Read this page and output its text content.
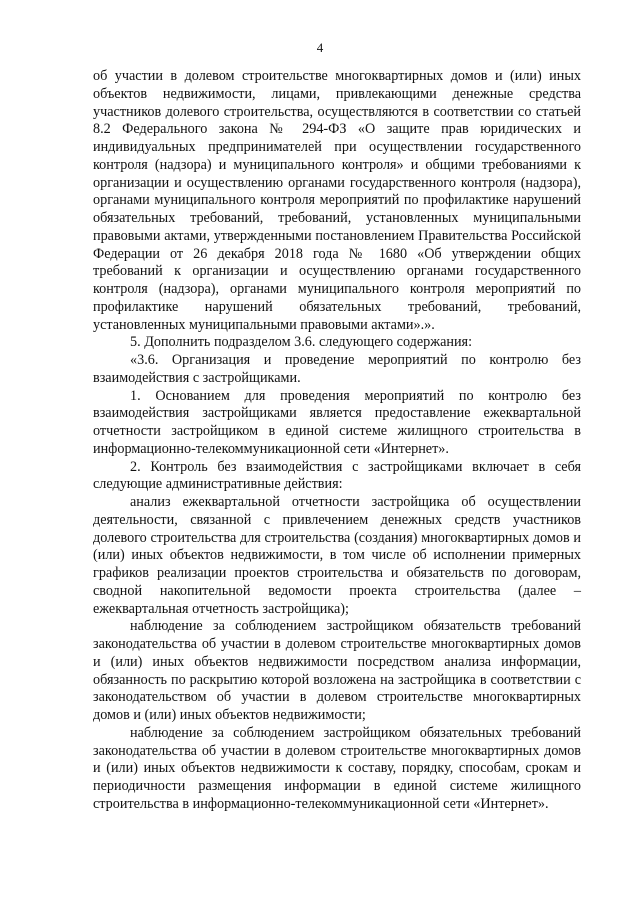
4

об участии в долевом строительстве многоквартирных домов и (или) иных объектов недвижимости, лицами, привлекающими денежные средства участников долевого строительства, осуществляются в соответствии со статьей 8.2 Федерального закона № 294-ФЗ «О защите прав юридических и индивидуальных предпринимателей при осуществлении государственного контроля (надзора) и муниципального контроля» и общими требованиями к организации и осуществлению органами государственного контроля (надзора), органами муниципального контроля мероприятий по профилактике нарушений обязательных требований, требований, установленных муниципальными правовыми актами, утвержденными постановлением Правительства Российской Федерации от 26 декабря 2018 года № 1680 «Об утверждении общих требований к организации и осуществлению органами государственного контроля (надзора), органами муниципального контроля мероприятий по профилактике нарушений обязательных требований, требований, установленных муниципальными правовыми актами».».

5. Дополнить подразделом 3.6. следующего содержания:

«3.6. Организация и проведение мероприятий по контролю без взаимодействия с застройщиками.

1. Основанием для проведения мероприятий по контролю без взаимодействия застройщиками является предоставление ежеквартальной отчетности застройщиком в единой системе жилищного строительства в информационно-телекоммуникационной сети «Интернет».

2. Контроль без взаимодействия с застройщиками включает в себя следующие административные действия:

анализ ежеквартальной отчетности застройщика об осуществлении деятельности, связанной с привлечением денежных средств участников долевого строительства для строительства (создания) многоквартирных домов и (или) иных объектов недвижимости, в том числе об исполнении примерных графиков реализации проектов строительства и обязательств по договорам, сводной накопительной ведомости проекта строительства (далее – ежеквартальная отчетность застройщика);

наблюдение за соблюдением застройщиком обязательств требований законодательства об участии в долевом строительстве многоквартирных домов и (или) иных объектов недвижимости посредством анализа информации, обязанность по раскрытию которой возложена на застройщика в соответствии с законодательством об участии в долевом строительстве многоквартирных домов и (или) иных объектов недвижимости;

наблюдение за соблюдением застройщиком обязательных требований законодательства об участии в долевом строительстве многоквартирных домов и (или) иных объектов недвижимости к составу, порядку, способам, срокам и периодичности размещения информации в единой системе жилищного строительства в информационно-телекоммуникационной сети «Интернет».
